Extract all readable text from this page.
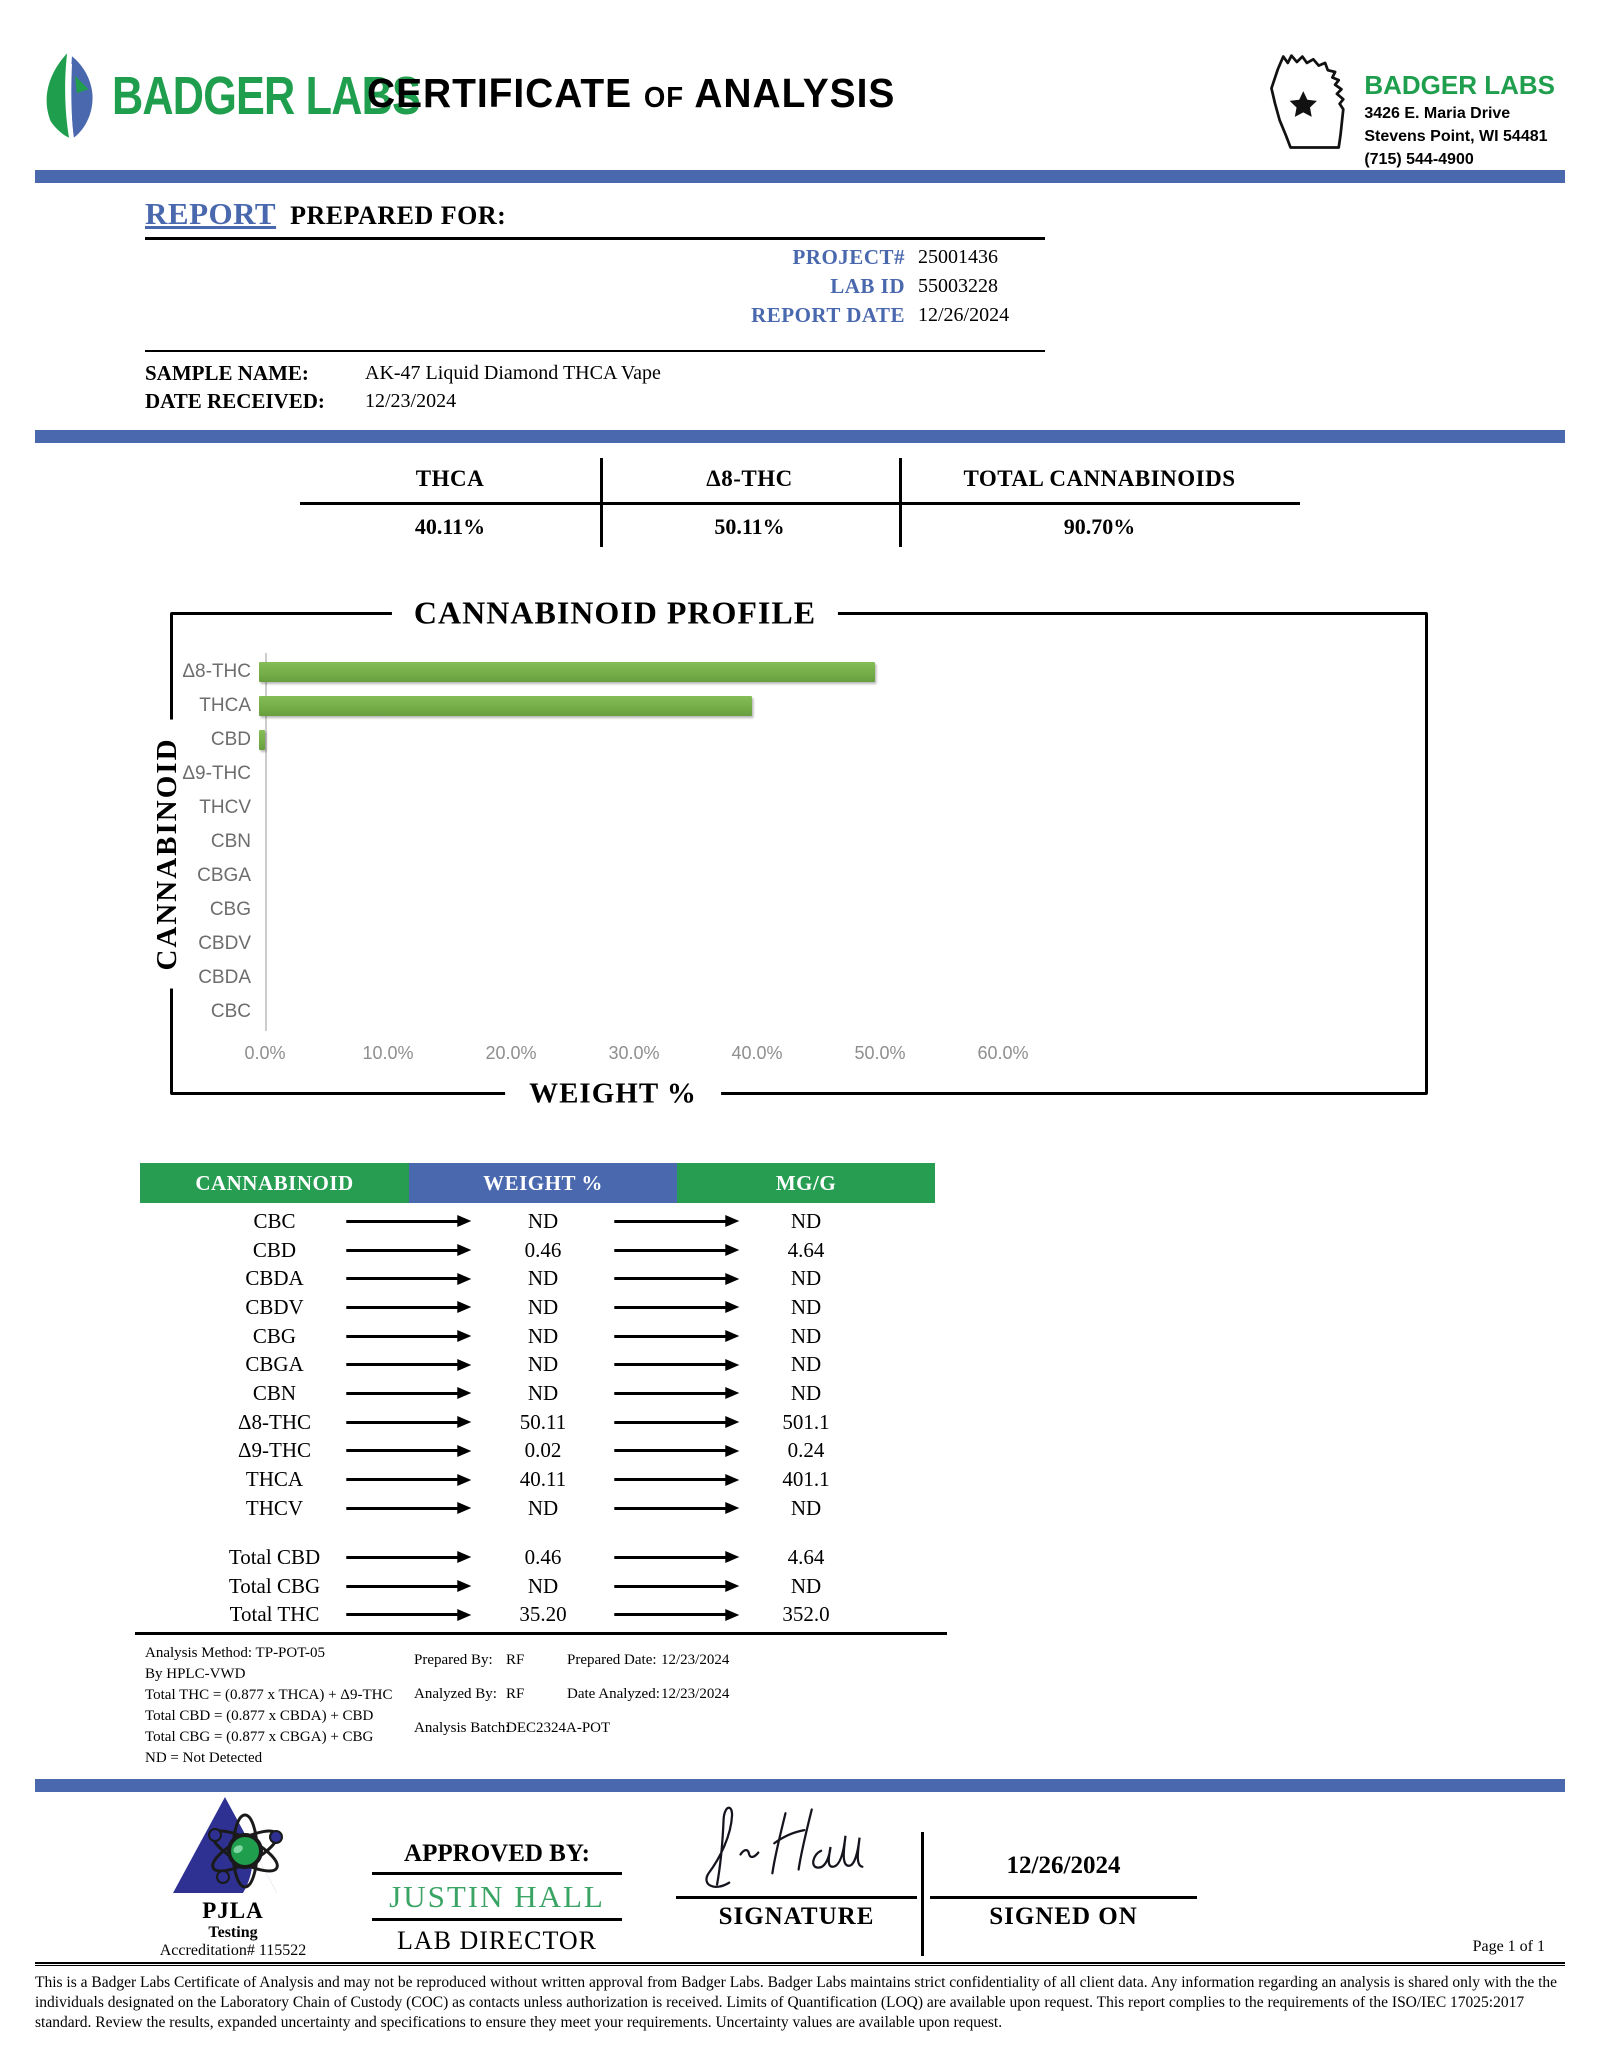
BADGER LABS
CERTIFICATE OF ANALYSIS	BADGER LABS
3426 E. Maria Drive
Stevens Point, WI 54481
(715) 544-4900
REPORT PREPARED FOR:
PROJECT# 25001436
LAB ID 55003228
REPORT DATE 12/26/2024
SAMPLE NAME:	AK-47 Liquid Diamond THCA Vape
DATE RECEIVED:	12/23/2024
THCA	Δ8-THC	TOTAL CANNABINOIDS
40.11%	50.11%	90.70%
CANNABINOID PROFILE
CANNABINOID
Δ8-THC
THCA
CBD
Δ9-THC
THCV
CBN
CBGA
CBG
CBDV
CBDA
CBC
0.0%	10.0%	20.0%	30.0%	40.0%	50.0%	60.0%
WEIGHT %
CANNABINOID	WEIGHT %	MG/G
CBC	ND	ND
CBD	0.46	4.64
CBDA	ND	ND
CBDV	ND	ND
CBG	ND	ND
CBGA	ND	ND
CBN	ND	ND
Δ8-THC	50.11	501.1
Δ9-THC	0.02	0.24
THCA	40.11	401.1
THCV	ND	ND
Total CBD	0.46	4.64
Total CBG	ND	ND
Total THC	35.20	352.0
Analysis Method: TP-POT-05
By HPLC-VWD
Total THC = (0.877 x THCA) + Δ9-THC
Total CBD = (0.877 x CBDA) + CBD
Total CBG = (0.877 x CBGA) + CBG
ND = Not Detected
Prepared By: RF	Prepared Date: 12/23/2024
Analyzed By: RF	Date Analyzed: 12/23/2024
Analysis Batch:
DEC2324A-POT
PJLA
Testing
Accreditation# 115522
APPROVED BY:
JUSTIN HALL
LAB DIRECTOR
SIGNATURE
12/26/2024
SIGNED ON
Page 1 of 1
This is a Badger Labs Certificate of Analysis and may not be reproduced without written approval from Badger Labs. Badger Labs maintains strict confidentiality of all client data. Any information regarding an analysis is shared only with the the individuals designated on the Laboratory Chain of Custody (COC) as contacts unless authorization is received. Limits of Quantification (LOQ) are available upon request. This report complies to the requirements of the ISO/IEC 17025:2017 standard. Review the results, expanded uncertainty and specifications to ensure they meet your requirements. Uncertainty values are available upon request.
